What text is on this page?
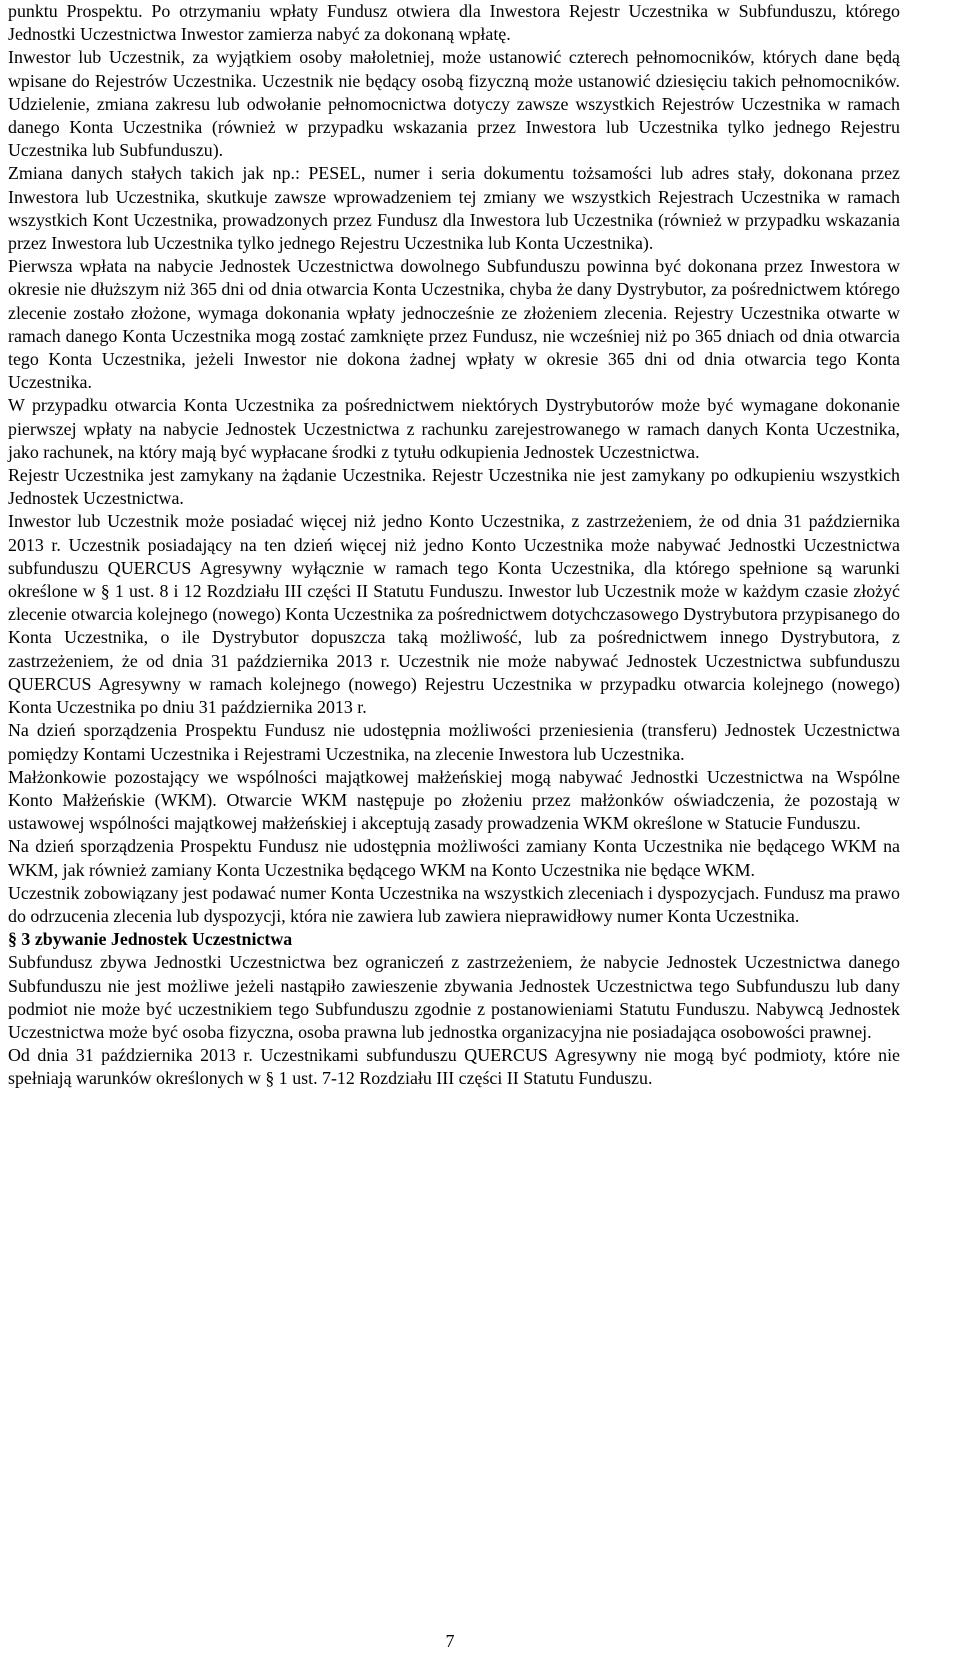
punktu Prospektu. Po otrzymaniu wpłaty Fundusz otwiera dla Inwestora Rejestr Uczestnika w Subfunduszu, którego Jednostki Uczestnictwa Inwestor zamierza nabyć za dokonaną wpłatę.

Inwestor lub Uczestnik, za wyjątkiem osoby małoletniej, może ustanowić czterech pełnomocników, których dane będą wpisane do Rejestrów Uczestnika. Uczestnik nie będący osobą fizyczną może ustanowić dziesięciu takich pełnomocników. Udzielenie, zmiana zakresu lub odwołanie pełnomocnictwa dotyczy zawsze wszystkich Rejestrów Uczestnika w ramach danego Konta Uczestnika (również w przypadku wskazania przez Inwestora lub Uczestnika tylko jednego Rejestru Uczestnika lub Subfunduszu).

Zmiana danych stałych takich jak np.: PESEL, numer i seria dokumentu tożsamości lub adres stały, dokonana przez Inwestora lub Uczestnika, skutkuje zawsze wprowadzeniem tej zmiany we wszystkich Rejestrach Uczestnika w ramach wszystkich Kont Uczestnika, prowadzonych przez Fundusz dla Inwestora lub Uczestnika (również w przypadku wskazania przez Inwestora lub Uczestnika tylko jednego Rejestru Uczestnika lub Konta Uczestnika).

Pierwsza wpłata na nabycie Jednostek Uczestnictwa dowolnego Subfunduszu powinna być dokonana przez Inwestora w okresie nie dłuższym niż 365 dni od dnia otwarcia Konta Uczestnika, chyba że dany Dystrybutor, za pośrednictwem którego zlecenie zostało złożone, wymaga dokonania wpłaty jednocześnie ze złożeniem zlecenia. Rejestry Uczestnika otwarte w ramach danego Konta Uczestnika mogą zostać zamknięte przez Fundusz, nie wcześniej niż po 365 dniach od dnia otwarcia tego Konta Uczestnika, jeżeli Inwestor nie dokona żadnej wpłaty w okresie 365 dni od dnia otwarcia tego Konta Uczestnika.

W przypadku otwarcia Konta Uczestnika za pośrednictwem niektórych Dystrybutorów może być wymagane dokonanie pierwszej wpłaty na nabycie Jednostek Uczestnictwa z rachunku zarejestrowanego w ramach danych Konta Uczestnika, jako rachunek, na który mają być wypłacane środki z tytułu odkupienia Jednostek Uczestnictwa.

Rejestr Uczestnika jest zamykany na żądanie Uczestnika. Rejestr Uczestnika nie jest zamykany po odkupieniu wszystkich Jednostek Uczestnictwa.

Inwestor lub Uczestnik może posiadać więcej niż jedno Konto Uczestnika, z zastrzeżeniem, że od dnia 31 października 2013 r. Uczestnik posiadający na ten dzień więcej niż jedno Konto Uczestnika może nabywać Jednostki Uczestnictwa subfunduszu QUERCUS Agresywny wyłącznie w ramach tego Konta Uczestnika, dla którego spełnione są warunki określone w § 1 ust. 8 i 12 Rozdziału III części II Statutu Funduszu. Inwestor lub Uczestnik może w każdym czasie złożyć zlecenie otwarcia kolejnego (nowego) Konta Uczestnika za pośrednictwem dotychczasowego Dystrybutora przypisanego do Konta Uczestnika, o ile Dystrybutor dopuszcza taką możliwość, lub za pośrednictwem innego Dystrybutora, z zastrzeżeniem, że od dnia 31 października 2013 r. Uczestnik nie może nabywać Jednostek Uczestnictwa subfunduszu QUERCUS Agresywny w ramach kolejnego (nowego) Rejestru Uczestnika w przypadku otwarcia kolejnego (nowego) Konta Uczestnika po dniu 31 października 2013 r.

Na dzień sporządzenia Prospektu Fundusz nie udostępnia możliwości przeniesienia (transferu) Jednostek Uczestnictwa pomiędzy Kontami Uczestnika i Rejestrami Uczestnika, na zlecenie Inwestora lub Uczestnika.

Małżonkowie pozostający we wspólności majątkowej małżeńskiej mogą nabywać Jednostki Uczestnictwa na Wspólne Konto Małżeńskie (WKM). Otwarcie WKM następuje po złożeniu przez małżonków oświadczenia, że pozostają w ustawowej wspólności majątkowej małżeńskiej i akceptują zasady prowadzenia WKM określone w Statucie Funduszu.

Na dzień sporządzenia Prospektu Fundusz nie udostępnia możliwości zamiany Konta Uczestnika nie będącego WKM na WKM, jak również zamiany Konta Uczestnika będącego WKM na Konto Uczestnika nie będące WKM.

Uczestnik zobowiązany jest podawać numer Konta Uczestnika na wszystkich zleceniach i dyspozycjach. Fundusz ma prawo do odrzucenia zlecenia lub dyspozycji, która nie zawiera lub zawiera nieprawidłowy numer Konta Uczestnika.

§ 3 zbywanie Jednostek Uczestnictwa

Subfundusz zbywa Jednostki Uczestnictwa bez ograniczeń z zastrzeżeniem, że nabycie Jednostek Uczestnictwa danego Subfunduszu nie jest możliwe jeżeli nastąpiło zawieszenie zbywania Jednostek Uczestnictwa tego Subfunduszu lub dany podmiot nie może być uczestnikiem tego Subfunduszu zgodnie z postanowieniami Statutu Funduszu. Nabywcą Jednostek Uczestnictwa może być osoba fizyczna, osoba prawna lub jednostka organizacyjna nie posiadająca osobowości prawnej.

Od dnia 31 października 2013 r. Uczestnikami subfunduszu QUERCUS Agresywny nie mogą być podmioty, które nie spełniają warunków określonych w § 1 ust. 7-12 Rozdziału III części II Statutu Funduszu.

7
